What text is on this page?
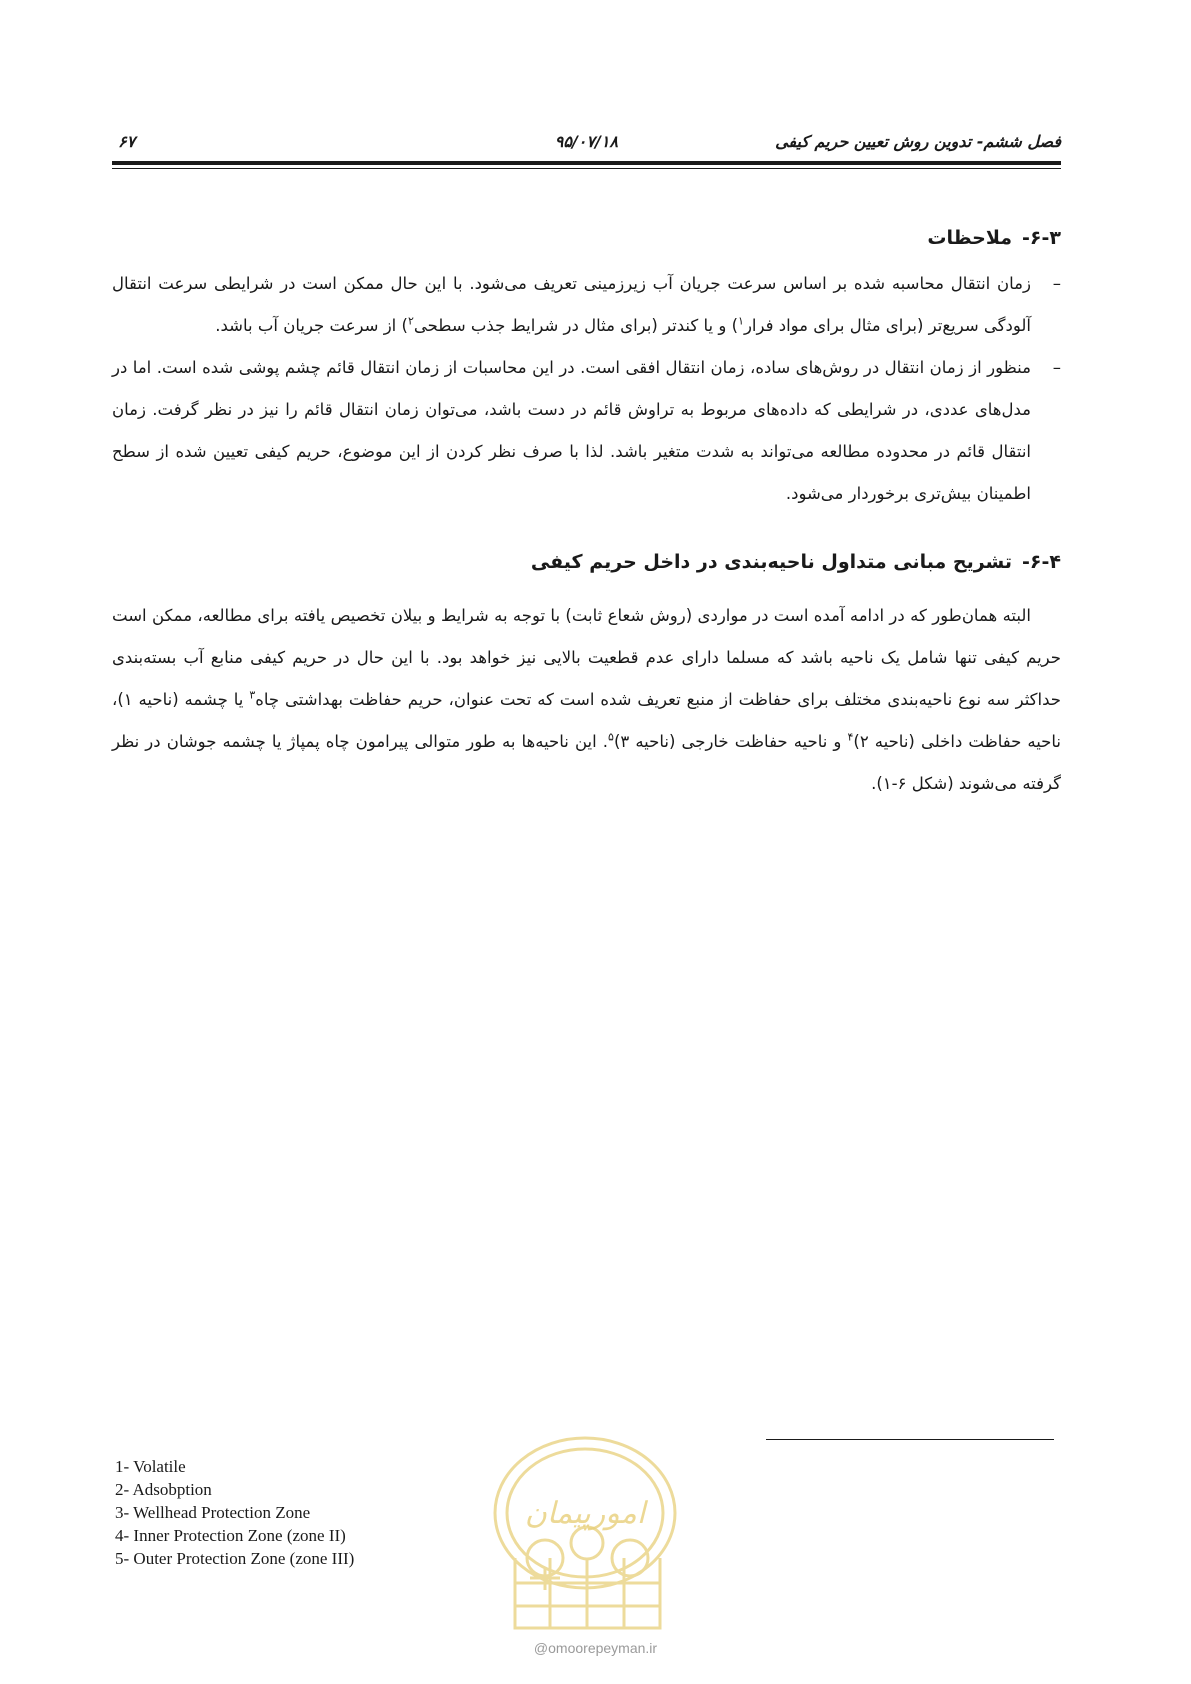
فصل ششم- تدوین روش تعیین حریم کیفی
۹۵/۰۷/۱۸
۶۷
۶-۳-ملاحظات

–
زمان انتقال محاسبه شده بر اساس سرعت جریان آب زیرزمینی تعریف می‌شود. با این حال ممکن است در شرایطی سرعت انتقال آلودگی سریع‌تر (برای مثال برای مواد فرار$^۱$) و یا کندتر (برای مثال در شرایط جذب سطحی$^۲$) از سرعت جریان آب باشد.

–
منظور از زمان انتقال در روش‌های ساده، زمان انتقال افقی است. در این محاسبات از زمان انتقال قائم چشم پوشی شده است. اما در مدل‌های عددی، در شرایطی که داده‌های مربوط به تراوش قائم در دست باشد، می‌توان زمان انتقال قائم را نیز در نظر گرفت. زمان انتقال قائم در محدوده مطالعه می‌تواند به شدت متغیر باشد. لذا با صرف نظر کردن از این موضوع، حریم کیفی تعیین شده از سطح اطمینان بیش‌تری برخوردار می‌شود.

۶-۴-تشریح مبانی متداول ناحیه‌بندی در داخل حریم کیفی

البته همان‌طور که در ادامه آمده است در مواردی (روش شعاع ثابت) با توجه به شرایط و بیلان تخصیص یافته برای مطالعه، ممکن است حریم کیفی تنها شامل یک ناحیه باشد که مسلما دارای عدم قطعیت بالایی نیز خواهد بود. با این حال در حریم کیفی منابع آب بسته‌بندی حداکثر سه نوع ناحیه‌بندی مختلف برای حفاظت از منبع تعریف شده است که تحت عنوان، حریم حفاظت بهداشتی چاه$^۳$ یا چشمه (ناحیه ۱)، ناحیه حفاظت داخلی (ناحیه ۲)$^۴$ و ناحیه حفاظت خارجی (ناحیه ۳)$^۵$. این ناحیه‌ها به طور متوالی پیرامون چاه پمپاژ یا چشمه جوشان در نظر گرفته می‌شوند (شکل ۶-۱).

1- Volatile
2- Adsobption
3- Wellhead Protection Zone
4- Inner Protection Zone (zone II)
5- Outer Protection Zone (zone III)
امورپیمان
@omoorepeyman.ir
